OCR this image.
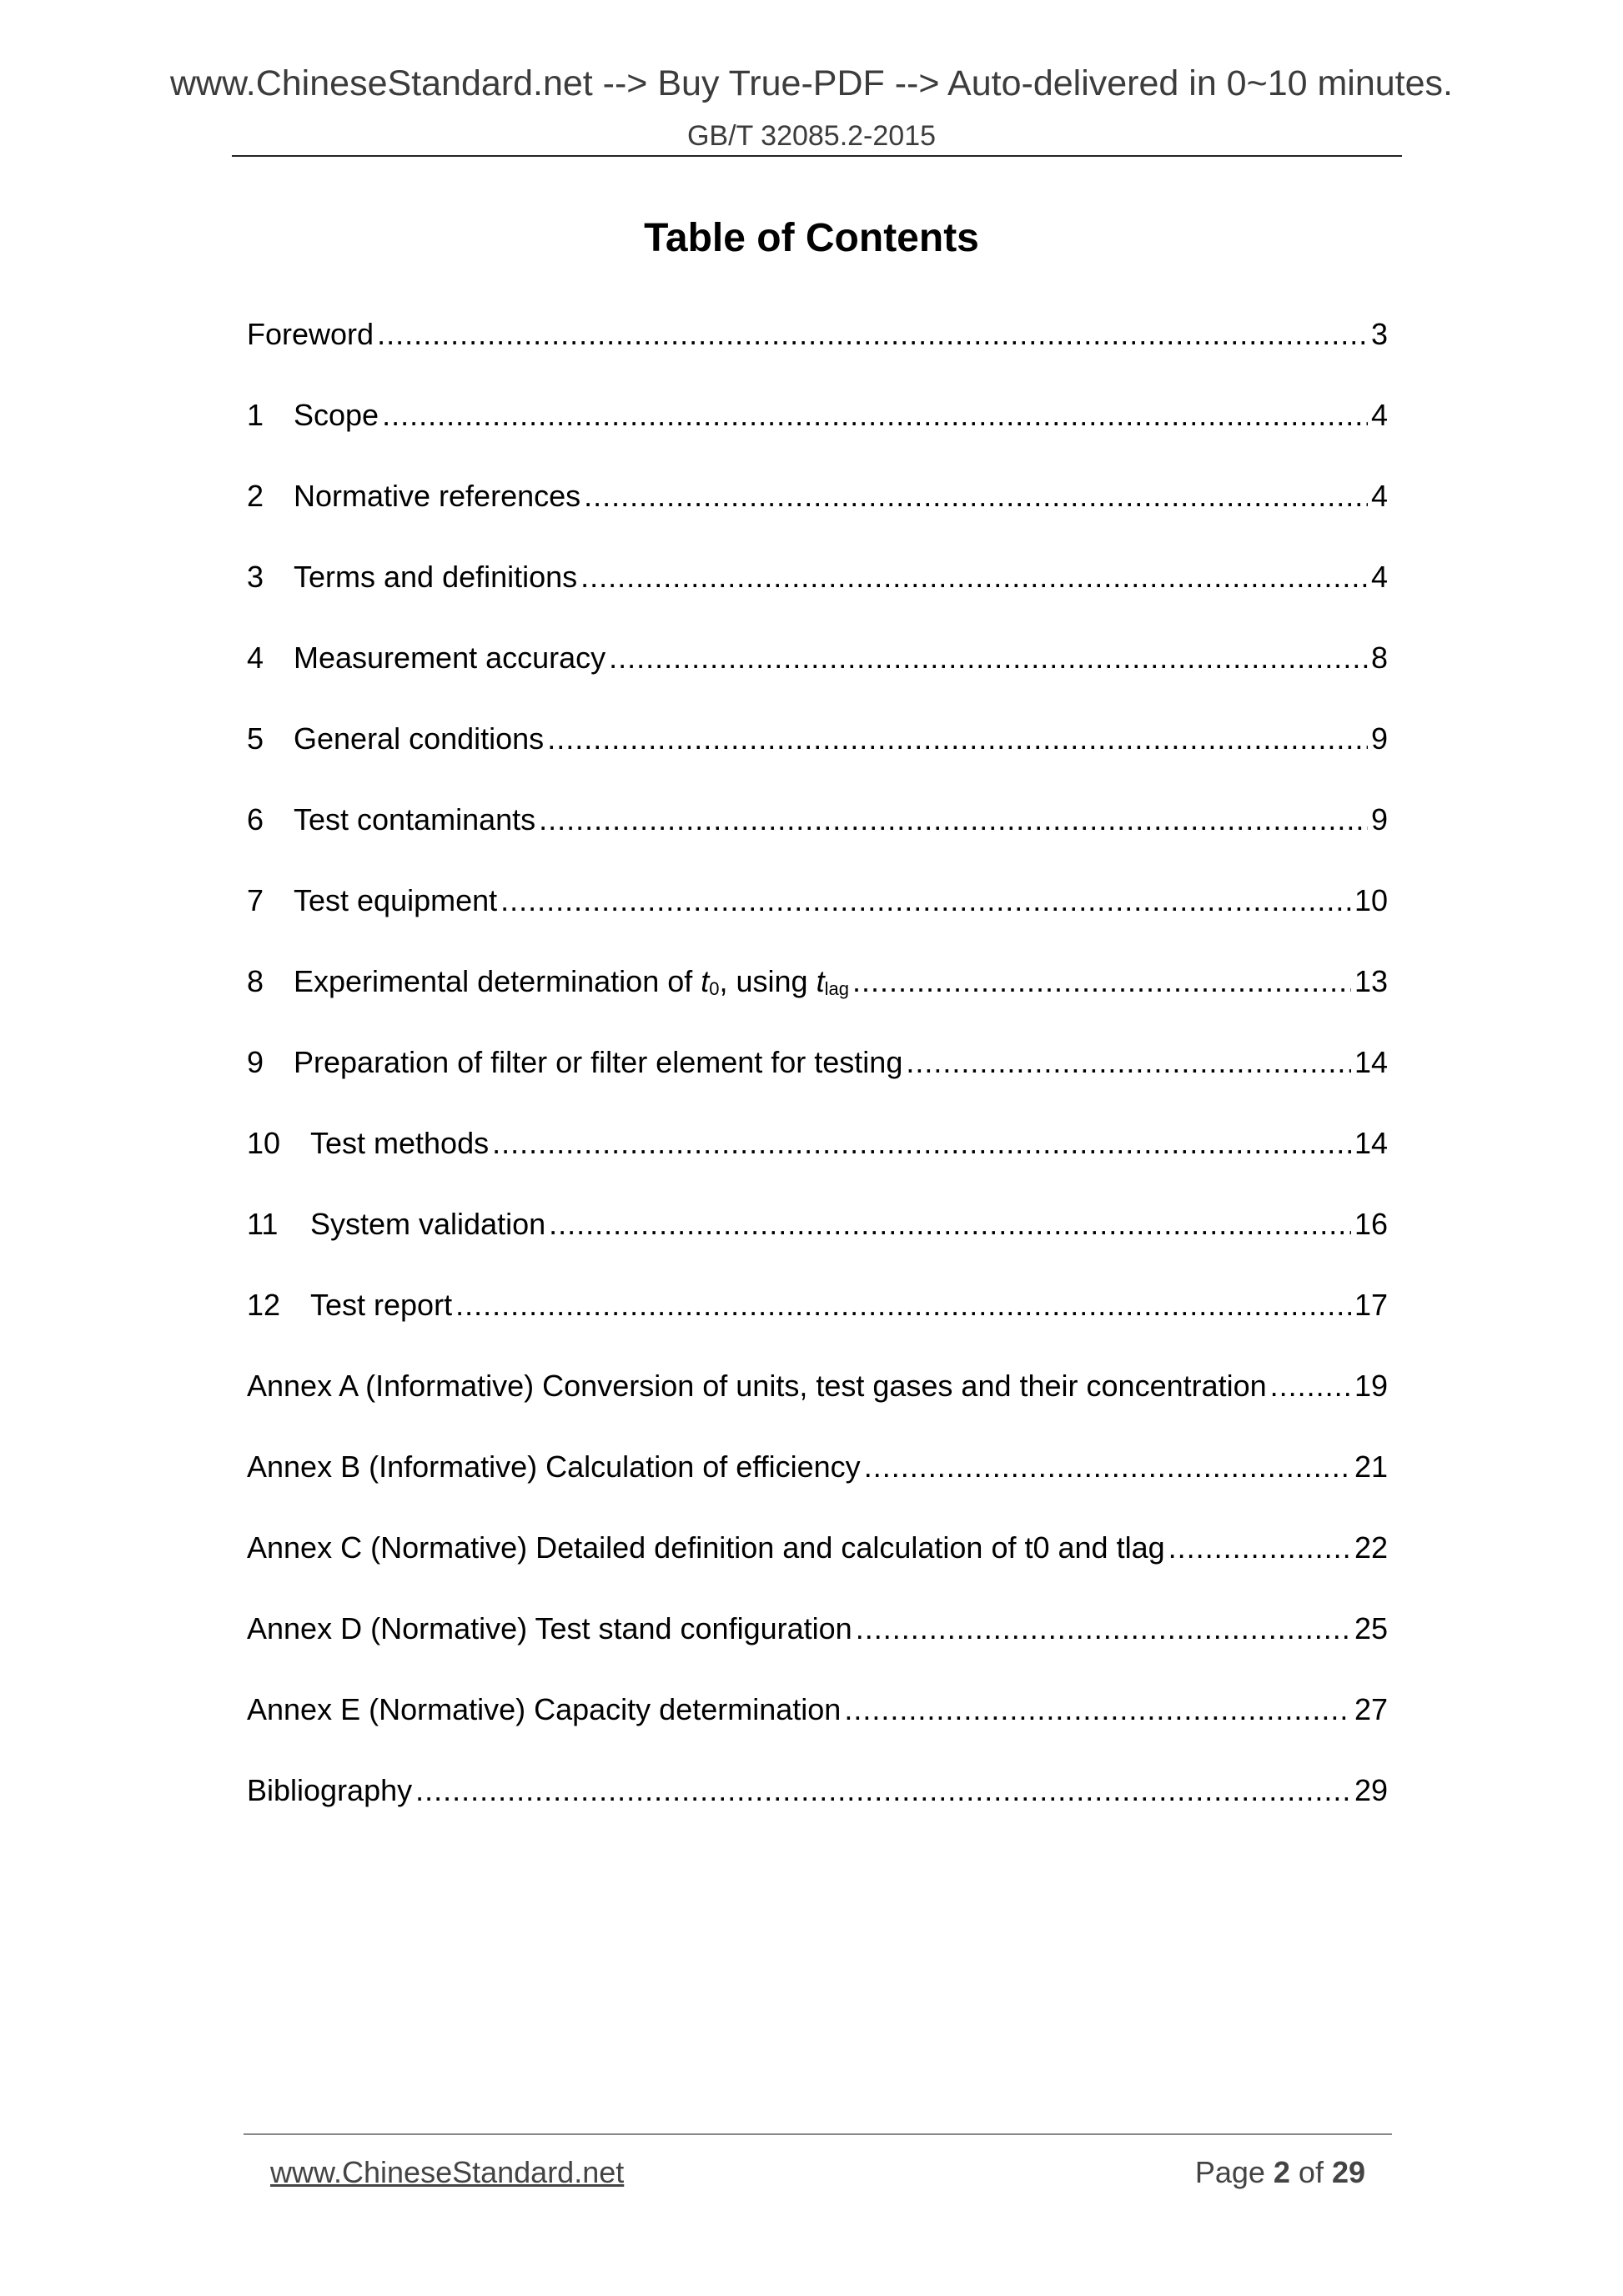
www.ChineseStandard.net --> Buy True-PDF --> Auto-delivered in 0~10 minutes.
GB/T 32085.2-2015
Table of Contents
Foreword .....	3
1 Scope .....	4
2 Normative references .....	4
3 Terms and definitions .....	4
4 Measurement accuracy .....	8
5 General conditions .....	9
6 Test contaminants .....	9
7 Test equipment .....	10
8 Experimental determination of $t_0$, using $t_{lag}$ .....	13
9 Preparation of filter or filter element for testing .....	14
10 Test methods .....	14
11	System validation .....	16
12 Test report .....	17
Annex A (Informative) Conversion of units, test gases and their concentration .....	19
Annex B (Informative) Calculation of efficiency .....	21
Annex C (Normative) Detailed definition and calculation of t0 and tlag .....	22
Annex D (Normative) Test stand configuration .....	25
Annex E (Normative) Capacity determination .....	27
Bibliography .....	29
www.ChineseStandard.net	Page 2 of 29
